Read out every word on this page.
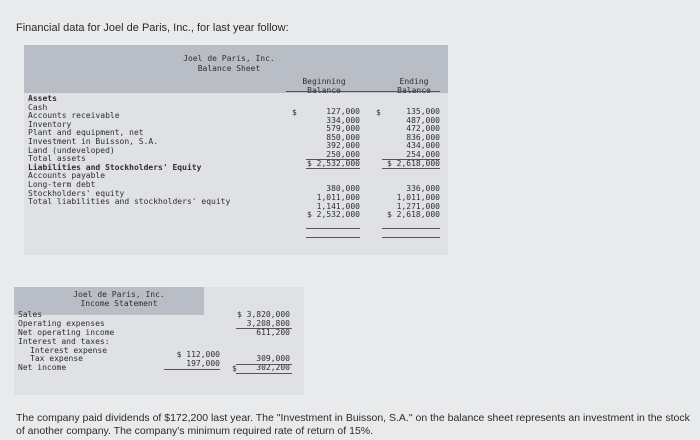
Financial data for Joel de Paris, Inc., for last year follow:
Joel de Paris, Inc.
Balance Sheet
Beginning
Balance
Ending
Balance
Assets
Cash
Accounts receivable
Inventory
Plant and equipment, net
Investment in Buisson, S.A.
Land (undeveloped)
Total assets
Liabilities and Stockholders' Equity
Accounts payable
Long-term debt
Stockholders' equity
Total liabilities and stockholders' equity
$	$
127,000
334,000
579,000
850,000
392,000
250,000
$ 2,532,000
380,000
1,011,000
1,141,000
$ 2,532,000
135,000
487,000
472,000
836,000
434,000
254,000
$ 2,618,000
336,000
1,011,000
1,271,000
$ 2,618,000
Joel de Paris, Inc.
Income Statement
Sales
Operating expenses
Net operating income
Interest and taxes:
Interest expense
Tax expense
Net income
$ 112,000
197,000
$ 3,820,000
3,208,800
611,200
309,000
302,200
$
The company paid dividends of $172,200 last year. The "Investment in Buisson, S.A." on the balance sheet represents an investment in the stock of another company. The company's minimum required rate of return of 15%.
